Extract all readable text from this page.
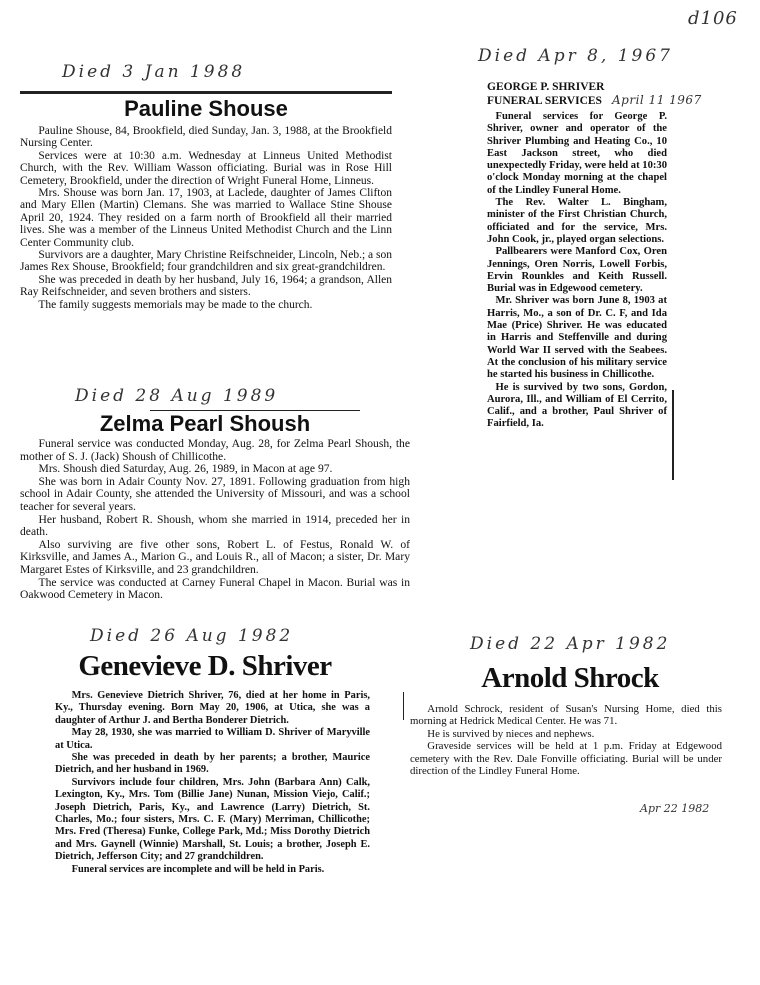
d106
Died 3 Jan 1988
Pauline Shouse

Pauline Shouse, 84, Brookfield, died Sunday, Jan. 3, 1988, at the Brookfield Nursing Center.

Services were at 10:30 a.m. Wednesday at Linneus United Methodist Church, with the Rev. William Wasson officiating. Burial was in Rose Hill Cemetery, Brookfield, under the direction of Wright Funeral Home, Linneus.

Mrs. Shouse was born Jan. 17, 1903, at Laclede, daughter of James Clifton and Mary Ellen (Martin) Clemans. She was married to Wallace Stine Shouse April 20, 1924. They resided on a farm north of Brookfield all their married lives. She was a member of the Linneus United Methodist Church and the Linn Center Community club.

Survivors are a daughter, Mary Christine Reifschneider, Lincoln, Neb.; a son James Rex Shouse, Brookfield; four grandchildren and six great-grandchildren.

She was preceded in death by her husband, July 16, 1964; a grandson, Allen Ray Reifschneider, and seven brothers and sisters.

The family suggests memorials may be made to the church.

Died Apr 8, 1967
GEORGE P. SHRIVER
FUNERAL SERVICES April 11 1967

Funeral services for George P. Shriver, owner and operator of the Shriver Plumbing and Heating Co., 10 East Jackson street, who died unexpectedly Friday, were held at 10:30 o'clock Monday morning at the chapel of the Lindley Funeral Home.

The Rev. Walter L. Bingham, minister of the First Christian Church, officiated and for the service, Mrs. John Cook, jr., played organ selections.

Pallbearers were Manford Cox, Oren Jennings, Oren Norris, Lowell Forbis, Ervin Rounkles and Keith Russell. Burial was in Edgewood cemetery.

Mr. Shriver was born June 8, 1903 at Harris, Mo., a son of Dr. C. F, and Ida Mae (Price) Shriver. He was educated in Harris and Steffenville and during World War II served with the Seabees. At the conclusion of his military service he started his business in Chillicothe.

He is survived by two sons, Gordon, Aurora, Ill., and William of El Cerrito, Calif., and a brother, Paul Shriver of Fairfield, Ia.

Died 28 Aug 1989
Zelma Pearl Shoush

Funeral service was conducted Monday, Aug. 28, for Zelma Pearl Shoush, the mother of S. J. (Jack) Shoush of Chillicothe.

Mrs. Shoush died Saturday, Aug. 26, 1989, in Macon at age 97.

She was born in Adair County Nov. 27, 1891. Following graduation from high school in Adair County, she attended the University of Missouri, and was a school teacher for several years.

Her husband, Robert R. Shoush, whom she married in 1914, preceded her in death.

Also surviving are five other sons, Robert L. of Festus, Ronald W. of Kirksville, and James A., Marion G., and Louis R., all of Macon; a sister, Dr. Mary Margaret Estes of Kirksville, and 23 grandchildren.

The service was conducted at Carney Funeral Chapel in Macon. Burial was in Oakwood Cemetery in Macon.

Died 26 Aug 1982
Genevieve D. Shriver

Mrs. Genevieve Dietrich Shriver, 76, died at her home in Paris, Ky., Thursday evening. Born May 20, 1906, at Utica, she was a daughter of Arthur J. and Bertha Bonderer Dietrich.

May 28, 1930, she was married to William D. Shriver of Maryville at Utica.

She was preceded in death by her parents; a brother, Maurice Dietrich, and her husband in 1969.

Survivors include four children, Mrs. John (Barbara Ann) Calk, Lexington, Ky., Mrs. Tom (Billie Jane) Nunan, Mission Viejo, Calif.; Joseph Dietrich, Paris, Ky., and Lawrence (Larry) Dietrich, St. Charles, Mo.; four sisters, Mrs. C. F. (Mary) Merriman, Chillicothe; Mrs. Fred (Theresa) Funke, College Park, Md.; Miss Dorothy Dietrich and Mrs. Gaynell (Winnie) Marshall, St. Louis; a brother, Joseph E. Dietrich, Jefferson City; and 27 grandchildren.

Funeral services are incomplete and will be held in Paris.

Died 22 Apr 1982
Arnold Shrock

Arnold Schrock, resident of Susan's Nursing Home, died this morning at Hedrick Medical Center. He was 71.

He is survived by nieces and nephews.

Graveside services will be held at 1 p.m. Friday at Edgewood cemetery with the Rev. Dale Fonville officiating. Burial will be under direction of the Lindley Funeral Home.

Apr 22 1982
